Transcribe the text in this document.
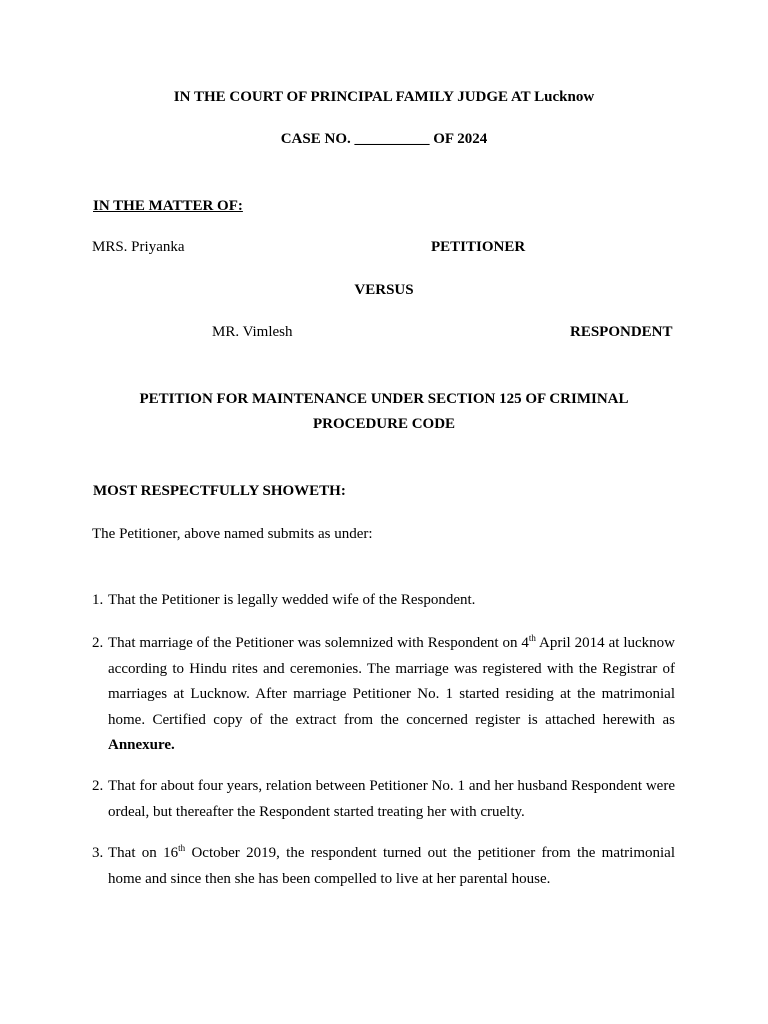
IN THE COURT OF PRINCIPAL FAMILY JUDGE AT Lucknow
CASE NO. __________ OF 2024
IN THE MATTER OF:
MRS. Priyanka	PETITIONER
VERSUS
MR. Vimlesh	RESPONDENT
PETITION FOR MAINTENANCE UNDER SECTION 125 OF CRIMINAL
PROCEDURE CODE
MOST RESPECTFULLY SHOWETH:
The Petitioner, above named submits as under:
1. That the Petitioner is legally wedded wife of the Respondent.
2. That marriage of the Petitioner was solemnized with Respondent on 4th April 2014 at lucknow according to Hindu rites and ceremonies. The marriage was registered with the Registrar of marriages at Lucknow. After marriage Petitioner No. 1 started residing at the matrimonial home. Certified copy of the extract from the concerned register is attached herewith as Annexure.
2. That for about four years, relation between Petitioner No. 1 and her husband Respondent were ordeal, but thereafter the Respondent started treating her with cruelty.
3. That on 16th October 2019, the respondent turned out the petitioner from the matrimonial home and since then she has been compelled to live at her parental house.
